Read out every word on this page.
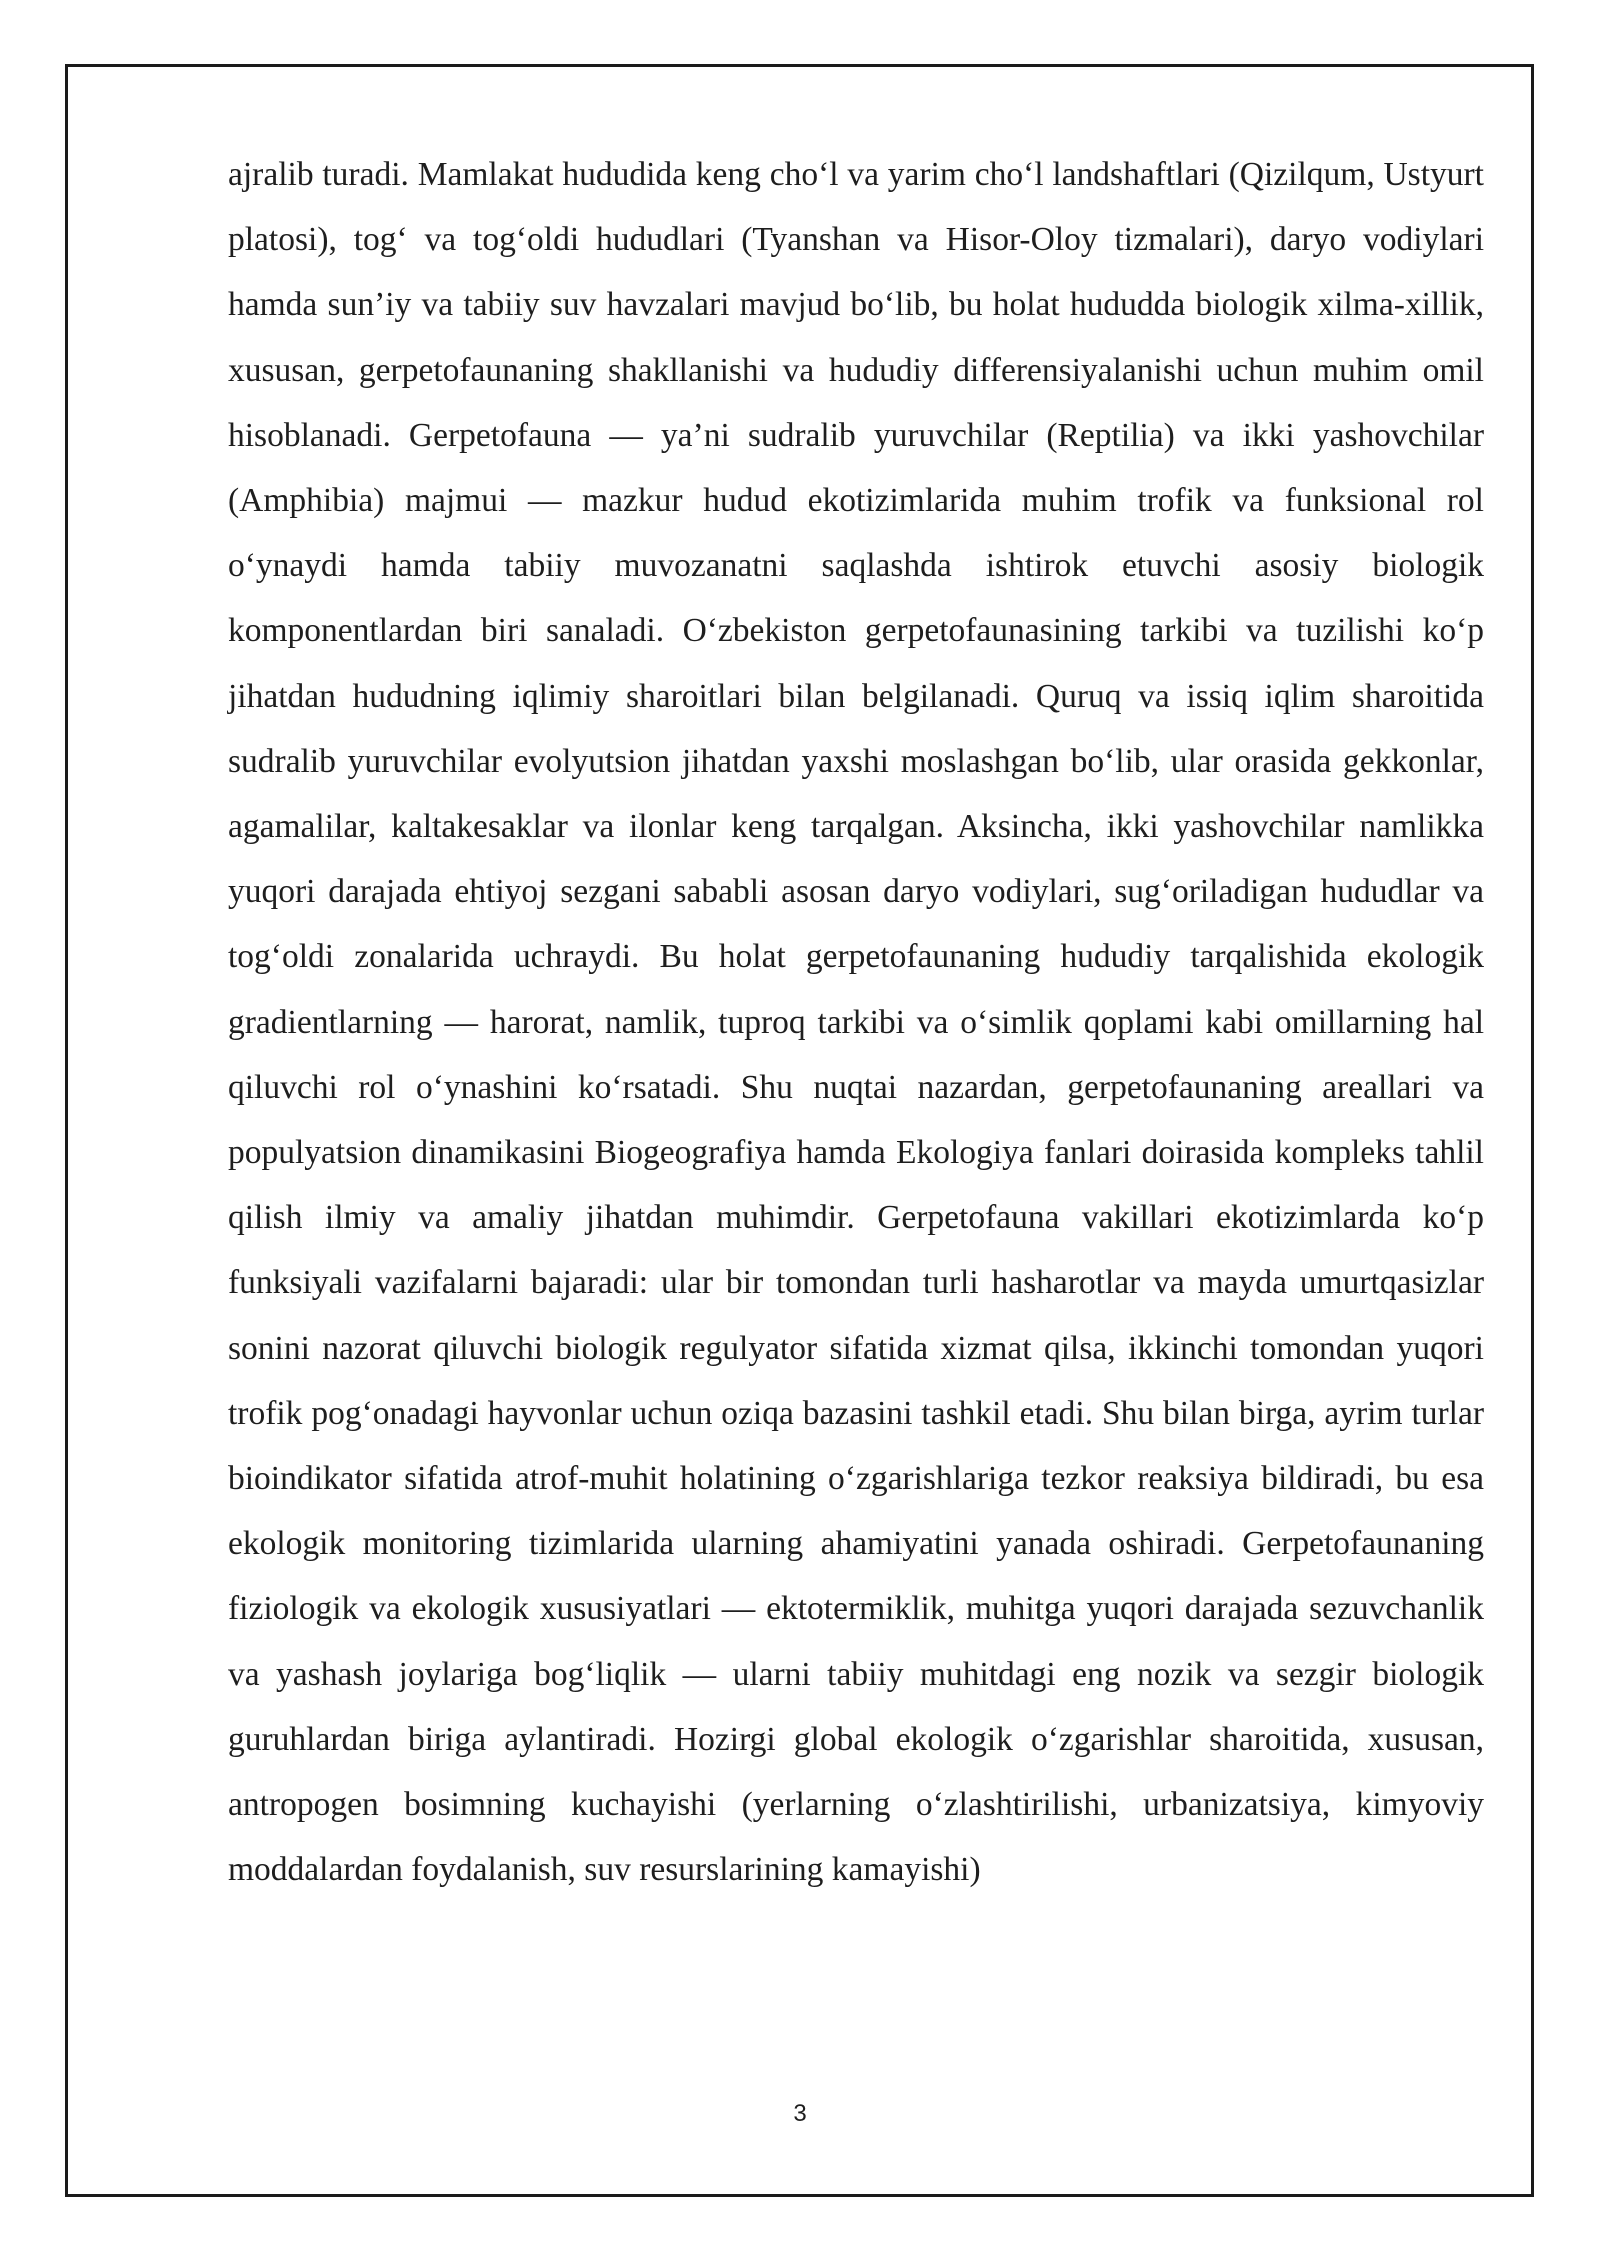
ajralib turadi. Mamlakat hududida keng cho‘l va yarim cho‘l landshaftlari (Qizilqum, Ustyurt platosi), tog‘ va tog‘oldi hududlari (Tyanshan va Hisor-Oloy tizmalari), daryo vodiylari hamda sun’iy va tabiiy suv havzalari mavjud bo‘lib, bu holat hududda biologik xilma-xillik, xususan, gerpetofaunaning shakllanishi va hududiy differensiyalanishi uchun muhim omil hisoblanadi. Gerpetofauna — ya’ni sudralib yuruvchilar (Reptilia) va ikki yashovchilar (Amphibia) majmui — mazkur hudud ekotizimlarida muhim trofik va funksional rol o‘ynaydi hamda tabiiy muvozanatni saqlashda ishtirok etuvchi asosiy biologik komponentlardan biri sanaladi. O‘zbekiston gerpetofaunasining tarkibi va tuzilishi ko‘p jihatdan hududning iqlimiy sharoitlari bilan belgilanadi. Quruq va issiq iqlim sharoitida sudralib yuruvchilar evolyutsion jihatdan yaxshi moslashgan bo‘lib, ular orasida gekkonlar, agamalilar, kaltakesaklar va ilonlar keng tarqalgan. Aksincha, ikki yashovchilar namlikka yuqori darajada ehtiyoj sezgani sababli asosan daryo vodiylari, sug‘oriladigan hududlar va tog‘oldi zonalarida uchraydi. Bu holat gerpetofaunaning hududiy tarqalishida ekologik gradientlarning — harorat, namlik, tuproq tarkibi va o‘simlik qoplami kabi omillarning hal qiluvchi rol o‘ynashini ko‘rsatadi. Shu nuqtai nazardan, gerpetofaunaning areallari va populyatsion dinamikasini Biogeografiya hamda Ekologiya fanlari doirasida kompleks tahlil qilish ilmiy va amaliy jihatdan muhimdir. Gerpetofauna vakillari ekotizimlarda ko‘p funksiyali vazifalarni bajaradi: ular bir tomondan turli hasharotlar va mayda umurtqasizlar sonini nazorat qiluvchi biologik regulyator sifatida xizmat qilsa, ikkinchi tomondan yuqori trofik pog‘onadagi hayvonlar uchun oziqa bazasini tashkil etadi. Shu bilan birga, ayrim turlar bioindikator sifatida atrof-muhit holatining o‘zgarishlariga tezkor reaksiya bildiradi, bu esa ekologik monitoring tizimlarida ularning ahamiyatini yanada oshiradi. Gerpetofaunaning fiziologik va ekologik xususiyatlari — ektotermiklik, muhitga yuqori darajada sezuvchanlik va yashash joylariga bog‘liqlik — ularni tabiiy muhitdagi eng nozik va sezgir biologik guruhlardan biriga aylantiradi. Hozirgi global ekologik o‘zgarishlar sharoitida, xususan, antropogen bosimning kuchayishi (yerlarning o‘zlashtirilishi, urbanizatsiya, kimyoviy moddalardan foydalanish, suv resurslarining kamayishi)

3
